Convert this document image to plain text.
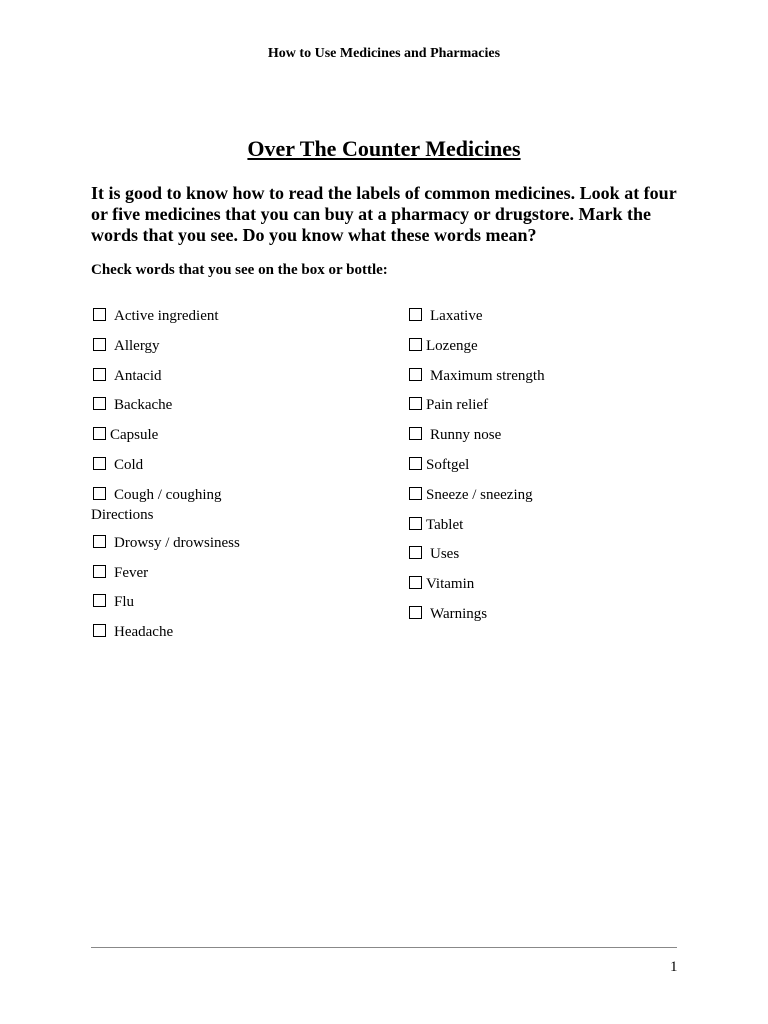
How to Use Medicines and Pharmacies
Over The Counter Medicines
It is good to know how to read the labels of common medicines. Look at four or five medicines that you can buy at a pharmacy or drugstore. Mark the words that you see. Do you know what these words mean?
Check words that you see on the box or bottle:
Active ingredient
Allergy
Antacid
Backache
Capsule
Cold
Cough / coughing
Directions
Drowsy / drowsiness
Fever
Flu
Headache
Laxative
Lozenge
Maximum strength
Pain relief
Runny nose
Softgel
Sneeze / sneezing
Tablet
Uses
Vitamin
Warnings
1
